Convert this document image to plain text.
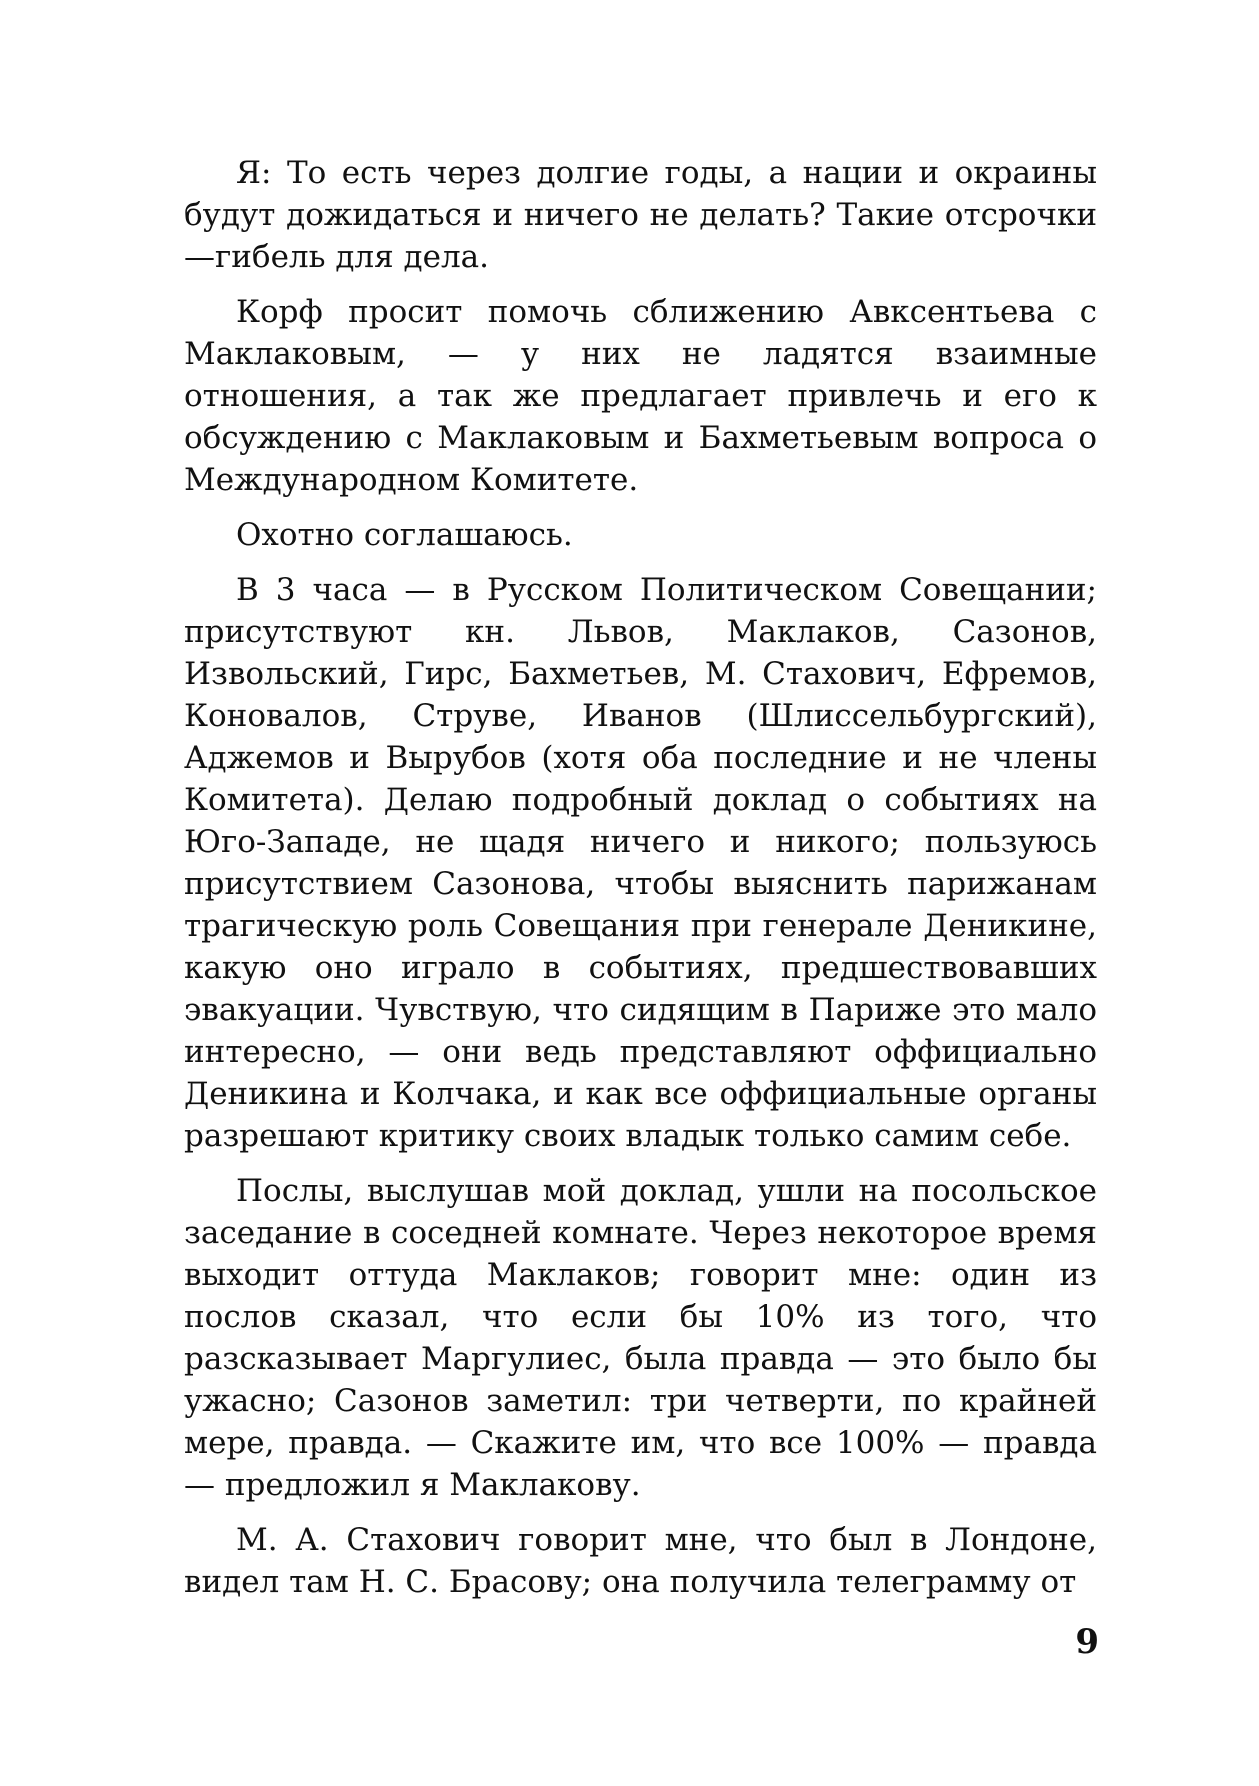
Я: То есть через долгие годы, а нации и окраины будут дожидаться и ничего не делать? Такие отсрочки —гибель для дела.

Корф просит помочь сближению Авксентьева с Маклаковым, — у них не ладятся взаимные отношения, а так же предлагает привлечь и его к обсуждению с Маклаковым и Бахметьевым вопроса о Международном Комитете.

Охотно соглашаюсь.

В 3 часа — в Русском Политическом Совещании; присутствуют кн. Львов, Маклаков, Сазонов, Извольский, Гирс, Бахметьев, М. Стахович, Ефремов, Коновалов, Струве, Иванов (Шлиссельбургский), Аджемов и Вырубов (хотя оба последние и не члены Комитета). Делаю подробный доклад о событиях на Юго-Западе, не щадя ничего и никого; пользуюсь присутствием Сазонова, чтобы выяснить парижанам трагическую роль Совещания при генерале Деникине, какую оно играло в событиях, предшествовавших эвакуации. Чувствую, что сидящим в Париже это мало интересно, — они ведь представляют оффициально Деникина и Колчака, и как все оффициальные органы разрешают критику своих владык только самим себе.

Послы, выслушав мой доклад, ушли на посольское заседание в соседней комнате. Через некоторое время выходит оттуда Маклаков; говорит мне: один из послов сказал, что если бы 10% из того, что разсказывает Маргулиес, была правда — это было бы ужасно; Сазонов заметил: три четверти, по крайней мере, правда. — Скажите им, что все 100% — правда — предложил я Маклакову.

М. А. Стахович говорит мне, что был в Лондоне, видел там Н. С. Брасову; она получила телеграмму от

9
